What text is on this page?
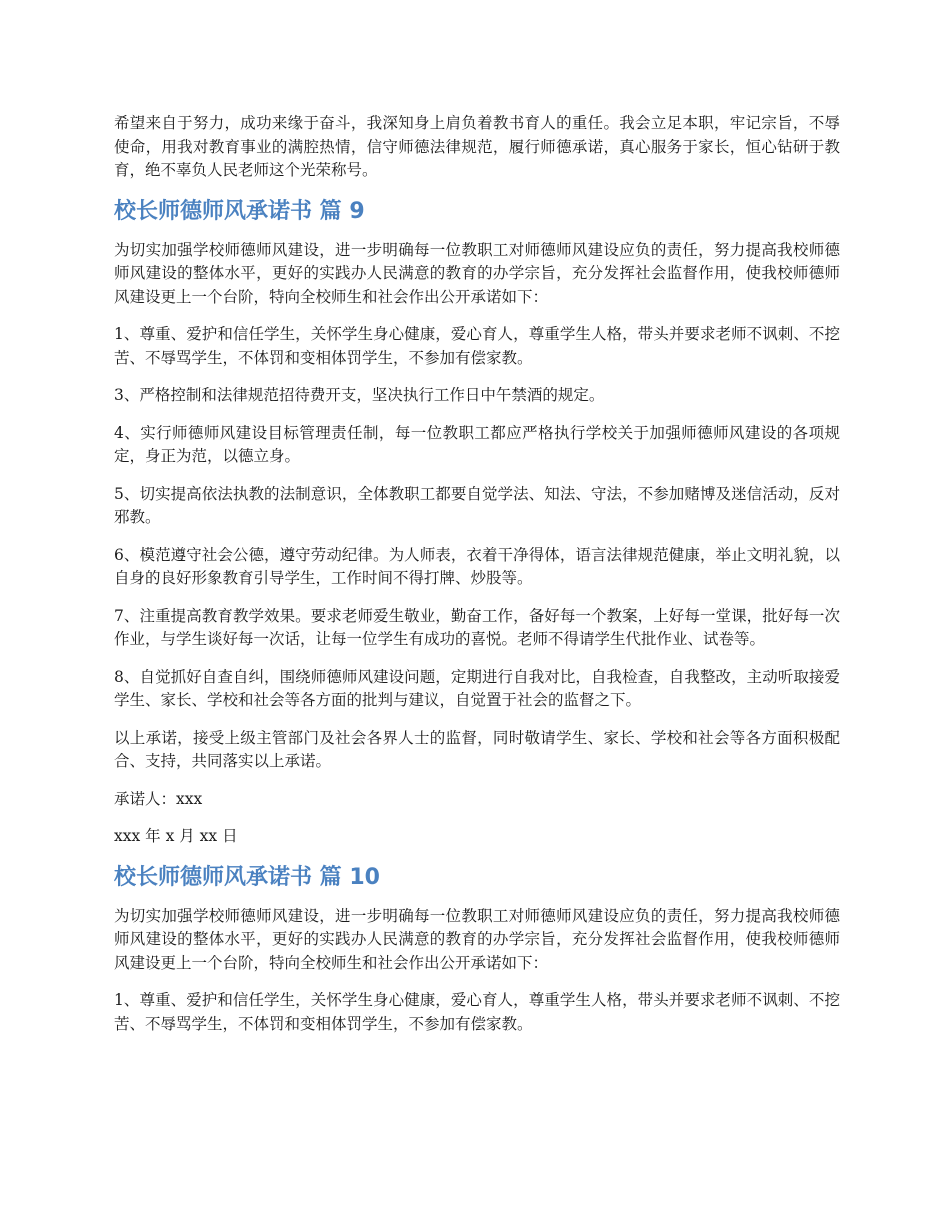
希望来自于努力，成功来缘于奋斗，我深知身上肩负着教书育人的重任。我会立足本职，牢记宗旨，不辱使命，用我对教育事业的满腔热情，信守师德法律规范，履行师德承诺，真心服务于家长，恒心钻研于教育，绝不辜负人民老师这个光荣称号。

校长师德师风承诺书 篇 9

为切实加强学校师德师风建设，进一步明确每一位教职工对师德师风建设应负的责任，努力提高我校师德师风建设的整体水平，更好的实践办人民满意的教育的办学宗旨，充分发挥社会监督作用，使我校师德师风建设更上一个台阶，特向全校师生和社会作出公开承诺如下：

1、尊重、爱护和信任学生，关怀学生身心健康，爱心育人，尊重学生人格，带头并要求老师不讽刺、不挖苦、不辱骂学生，不体罚和变相体罚学生，不参加有偿家教。

3、严格控制和法律规范招待费开支，坚决执行工作日中午禁酒的规定。

4、实行师德师风建设目标管理责任制，每一位教职工都应严格执行学校关于加强师德师风建设的各项规定，身正为范，以德立身。

5、切实提高依法执教的法制意识，全体教职工都要自觉学法、知法、守法，不参加赌博及迷信活动，反对邪教。

6、模范遵守社会公德，遵守劳动纪律。为人师表，衣着干净得体，语言法律规范健康，举止文明礼貌，以自身的良好形象教育引导学生，工作时间不得打牌、炒股等。

7、注重提高教育教学效果。要求老师爱生敬业，勤奋工作，备好每一个教案，上好每一堂课，批好每一次作业，与学生谈好每一次话，让每一位学生有成功的喜悦。老师不得请学生代批作业、试卷等。

8、自觉抓好自查自纠，围绕师德师风建设问题，定期进行自我对比，自我检查，自我整改，主动听取接爱学生、家长、学校和社会等各方面的批判与建议，自觉置于社会的监督之下。

以上承诺，接受上级主管部门及社会各界人士的监督，同时敬请学生、家长、学校和社会等各方面积极配合、支持，共同落实以上承诺。

承诺人：xxx

xxx 年 x 月 xx 日

校长师德师风承诺书 篇 10

为切实加强学校师德师风建设，进一步明确每一位教职工对师德师风建设应负的责任，努力提高我校师德师风建设的整体水平，更好的实践办人民满意的教育的办学宗旨，充分发挥社会监督作用，使我校师德师风建设更上一个台阶，特向全校师生和社会作出公开承诺如下：

1、尊重、爱护和信任学生，关怀学生身心健康，爱心育人，尊重学生人格，带头并要求老师不讽刺、不挖苦、不辱骂学生，不体罚和变相体罚学生，不参加有偿家教。
